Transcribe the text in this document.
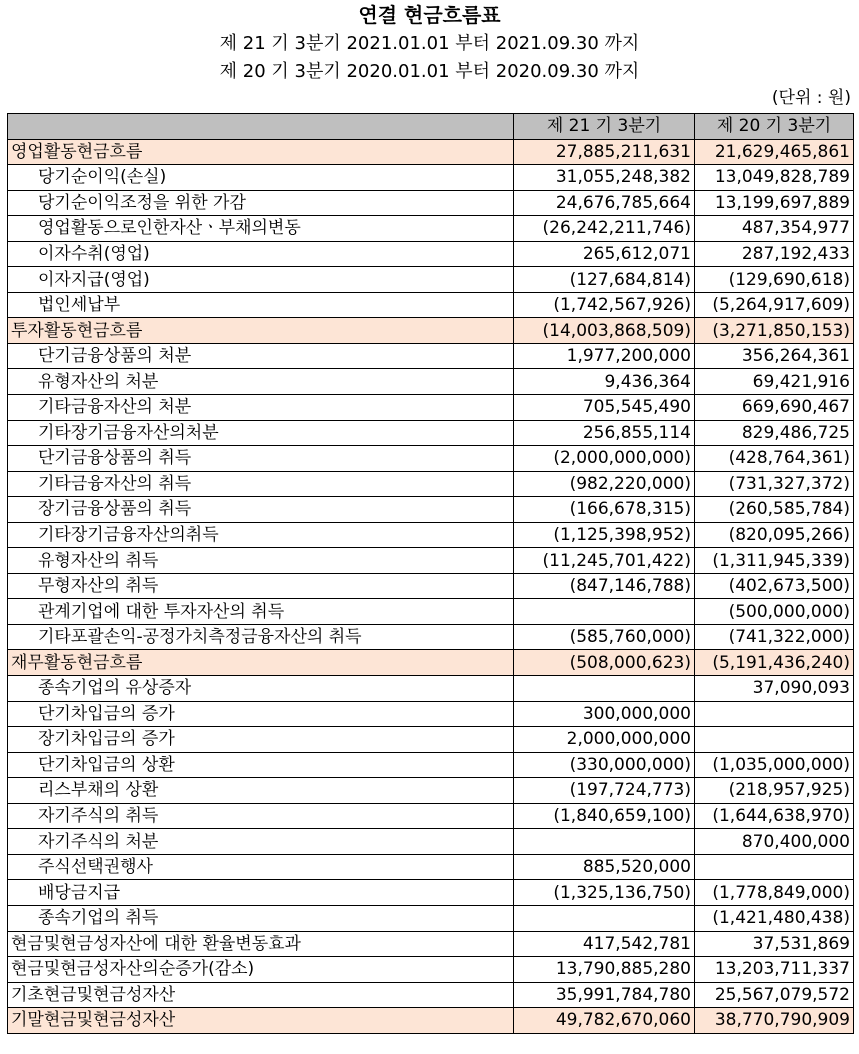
연결 현금흐름표
제 21 기 3분기 2021.01.01 부터 2021.09.30 까지
제 20 기 3분기 2020.01.01 부터 2020.09.30 까지
(단위 : 원)
	제 21 기 3분기	제 20 기 3분기
영업활동현금흐름	27,885,211,631	21,629,465,861
당기순이익(손실)	31,055,248,382	13,049,828,789
당기순이익조정을 위한 가감	24,676,785,664	13,199,697,889
영업활동으로인한자산ㆍ부채의변동	(26,242,211,746)	487,354,977
이자수취(영업)	265,612,071	287,192,433
이자지급(영업)	(127,684,814)	(129,690,618)
법인세납부	(1,742,567,926)	(5,264,917,609)
투자활동현금흐름	(14,003,868,509)	(3,271,850,153)
단기금융상품의 처분	1,977,200,000	356,264,361
유형자산의 처분	9,436,364	69,421,916
기타금융자산의 처분	705,545,490	669,690,467
기타장기금융자산의처분	256,855,114	829,486,725
단기금융상품의 취득	(2,000,000,000)	(428,764,361)
기타금융자산의 취득	(982,220,000)	(731,327,372)
장기금융상품의 취득	(166,678,315)	(260,585,784)
기타장기금융자산의취득	(1,125,398,952)	(820,095,266)
유형자산의 취득	(11,245,701,422)	(1,311,945,339)
무형자산의 취득	(847,146,788)	(402,673,500)
관계기업에 대한 투자자산의 취득		(500,000,000)
기타포괄손익-공정가치측정금융자산의 취득	(585,760,000)	(741,322,000)
재무활동현금흐름	(508,000,623)	(5,191,436,240)
종속기업의 유상증자		37,090,093
단기차입금의 증가	300,000,000	
장기차입금의 증가	2,000,000,000	
단기차입금의 상환	(330,000,000)	(1,035,000,000)
리스부채의 상환	(197,724,773)	(218,957,925)
자기주식의 취득	(1,840,659,100)	(1,644,638,970)
자기주식의 처분		870,400,000
주식선택권행사	885,520,000	
배당금지급	(1,325,136,750)	(1,778,849,000)
종속기업의 취득		(1,421,480,438)
현금및현금성자산에 대한 환율변동효과	417,542,781	37,531,869
현금및현금성자산의순증가(감소)	13,790,885,280	13,203,711,337
기초현금및현금성자산	35,991,784,780	25,567,079,572
기말현금및현금성자산	49,782,670,060	38,770,790,909
